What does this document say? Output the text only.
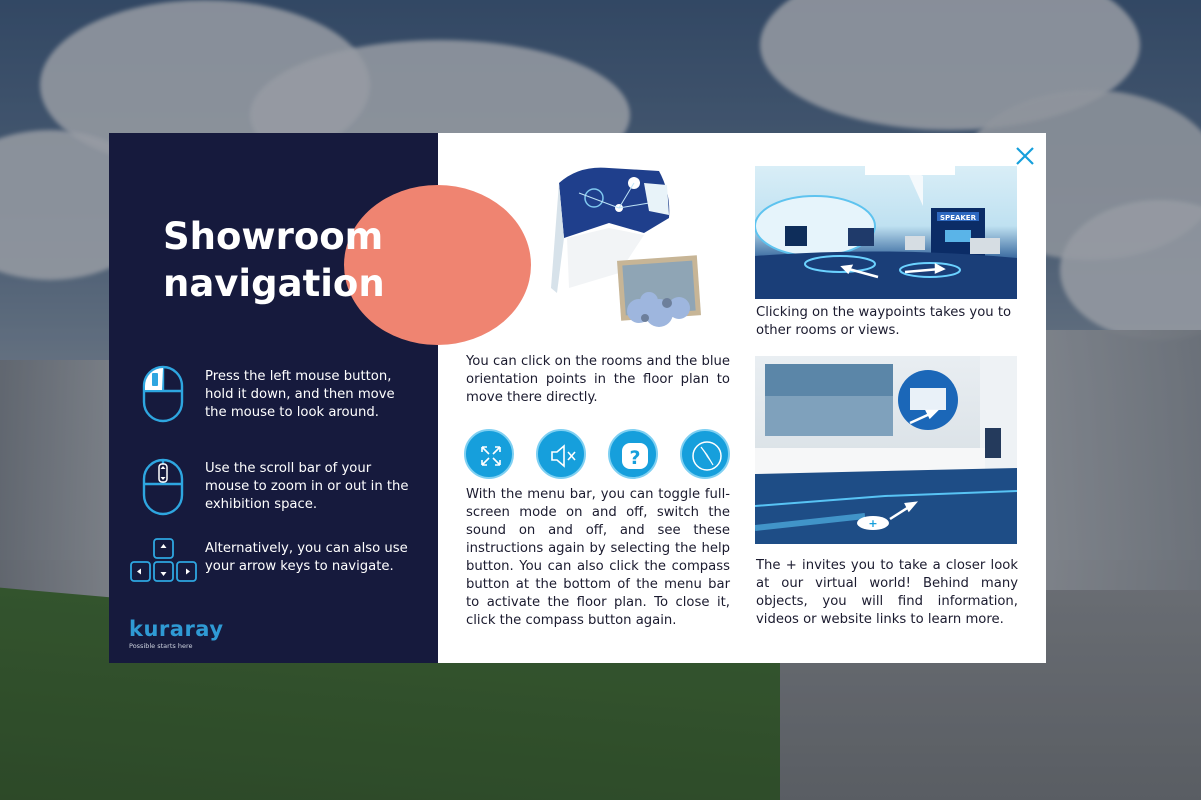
Showroom
navigation
Press the left mouse button, hold it down, and then move the mouse to look around.
Use the scroll bar of your mouse to zoom in or out in the exhibition space.
Alternatively, you can also use your arrow keys to navigate.
kuraray
Possible starts here
You can click on the rooms and the blue orientation points in the floor plan to move there directly.
?
With the menu bar, you can toggle full-screen mode on and off, switch the sound on and off, and see these instructions again by selecting the help button. You can also click the compass button at the bottom of the menu bar to activate the floor plan. To close it, click the compass button again.
SPEAKER
Clicking on the waypoints takes you to other rooms or views.
+
The + invites you to take a closer look at our virtual world! Behind many objects, you will find information, videos or website links to learn more.
